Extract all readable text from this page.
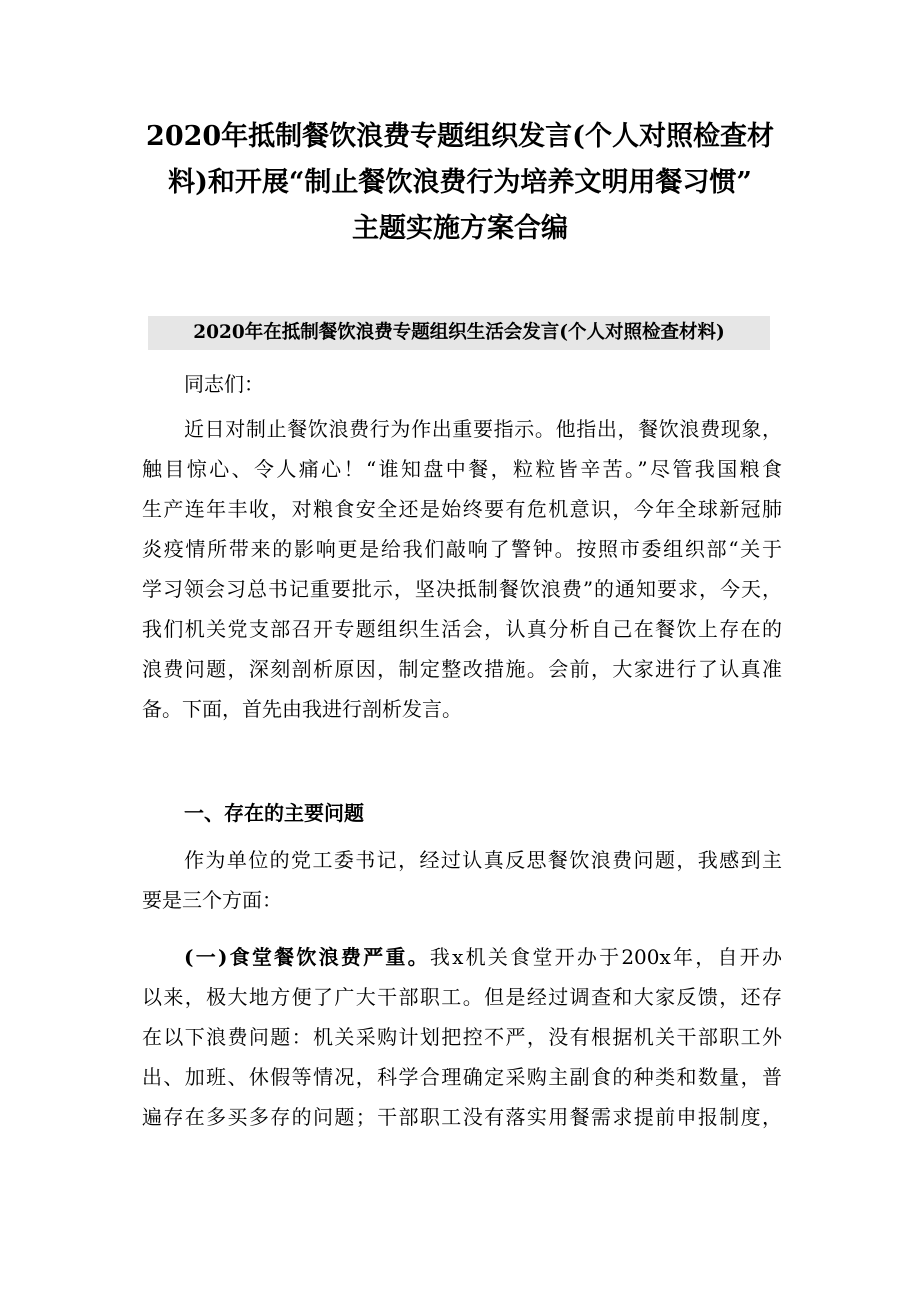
2020年抵制餐饮浪费专题组织发言(个人对照检查材
料)和开展“制止餐饮浪费行为培养文明用餐习惯”
主题实施方案合编
2020年在抵制餐饮浪费专题组织生活会发言(个人对照检查材料)
同志们：
近日对制止餐饮浪费行为作出重要指示。他指出，餐饮浪费现象，
触目惊心、令人痛心！“谁知盘中餐，粒粒皆辛苦。”尽管我国粮食
生产连年丰收，对粮食安全还是始终要有危机意识，今年全球新冠肺
炎疫情所带来的影响更是给我们敲响了警钟。按照市委组织部“关于
学习领会习总书记重要批示，坚决抵制餐饮浪费”的通知要求，今天，
我们机关党支部召开专题组织生活会，认真分析自己在餐饮上存在的
浪费问题，深刻剖析原因，制定整改措施。会前，大家进行了认真准
备。下面，首先由我进行剖析发言。
一、存在的主要问题
作为单位的党工委书记，经过认真反思餐饮浪费问题，我感到主
要是三个方面：
(一)食堂餐饮浪费严重。我x机关食堂开办于200x年，自开办
以来，极大地方便了广大干部职工。但是经过调查和大家反馈，还存
在以下浪费问题：机关采购计划把控不严，没有根据机关干部职工外
出、加班、休假等情况，科学合理确定采购主副食的种类和数量，普
遍存在多买多存的问题；干部职工没有落实用餐需求提前申报制度，
